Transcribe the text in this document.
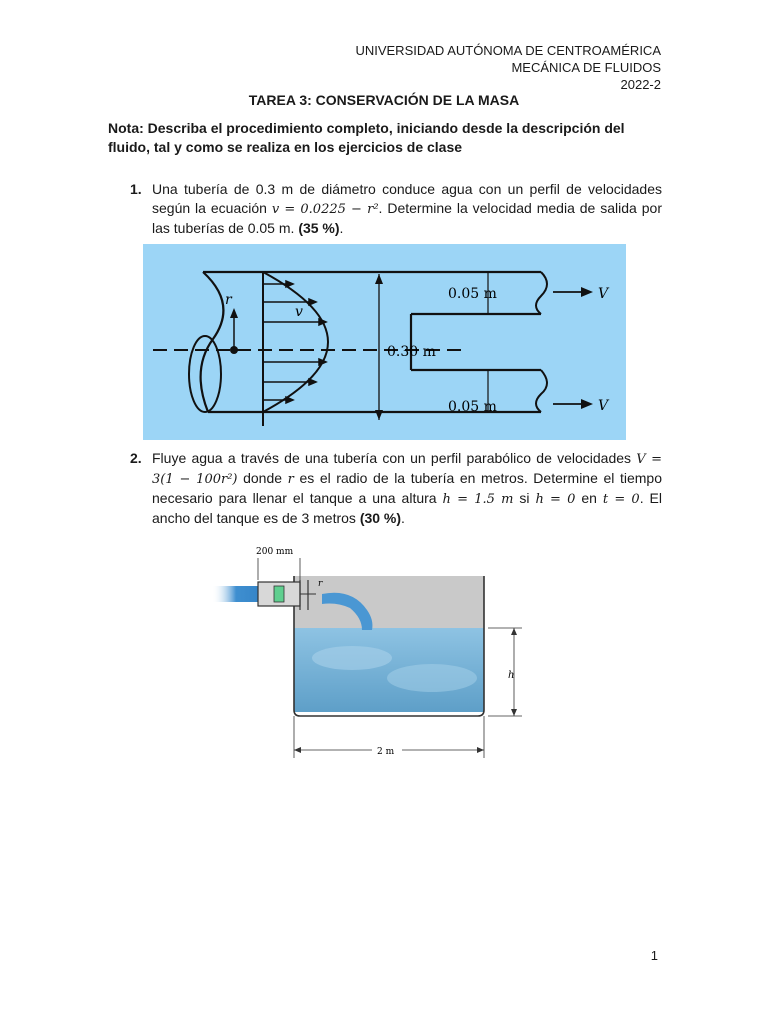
UNIVERSIDAD AUTÓNOMA DE CENTROAMÉRICA
MECÁNICA DE FLUIDOS
2022-2
TAREA 3: CONSERVACIÓN DE LA MASA
Nota: Describa el procedimiento completo, iniciando desde la descripción del fluido, tal y como se realiza en los ejercicios de clase
1. Una tubería de 0.3 m de diámetro conduce agua con un perfil de velocidades según la ecuación v = 0.0225 − r². Determine la velocidad media de salida por las tuberías de 0.05 m. (35 %).
r
v
0.30 m
0.05 m
0.05 m
V
V
2. Fluye agua a través de una tubería con un perfil parabólico de velocidades V = 3(1 − 100r²) donde r es el radio de la tubería en metros. Determine el tiempo necesario para llenar el tanque a una altura h = 1.5 m si h = 0 en t = 0. El ancho del tanque es de 3 metros (30 %).
200 mm
r
h
2 m
1
